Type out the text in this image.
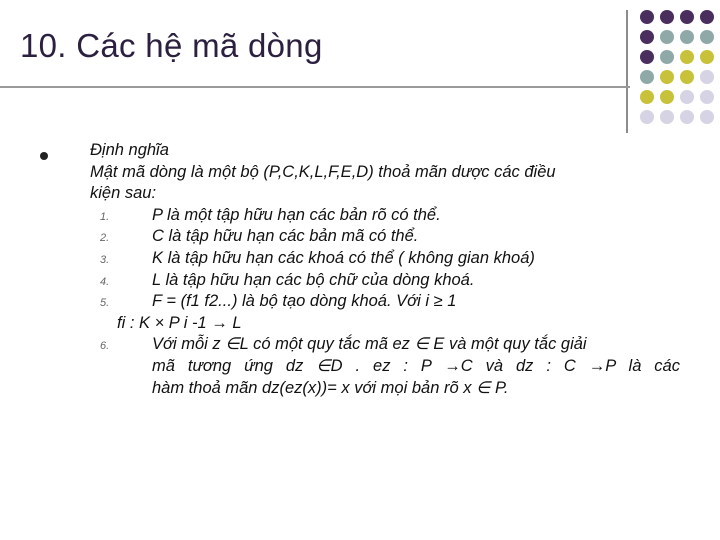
10. Các hệ mã dòng
Định nghĩa
Mật mã dòng là một bộ (P,C,K,L,F,E,D) thoả mãn dược các điều
kiện sau:
1.	P là một tập hữu hạn các bản rõ có thể.
2.	C là tập hữu hạn các bản mã có thể.
3.	K là tập hữu hạn các khoá có thể ( không gian khoá)
4.	L là tập hữu hạn các bộ chữ của dòng khoá.
5.	F = (f1 f2...) là bộ tạo dòng khoá. Với i ≥ 1
fi : K × P i -1 → L
6.	Với mỗi z ∈L có một quy tắc mã ez ∈ E và một quy tắc giải
mã tương ứng dz ∈D . ez : P →C và dz : C →P là các
hàm thoả mãn dz(ez(x))= x với mọi bản rõ x ∈ P.
